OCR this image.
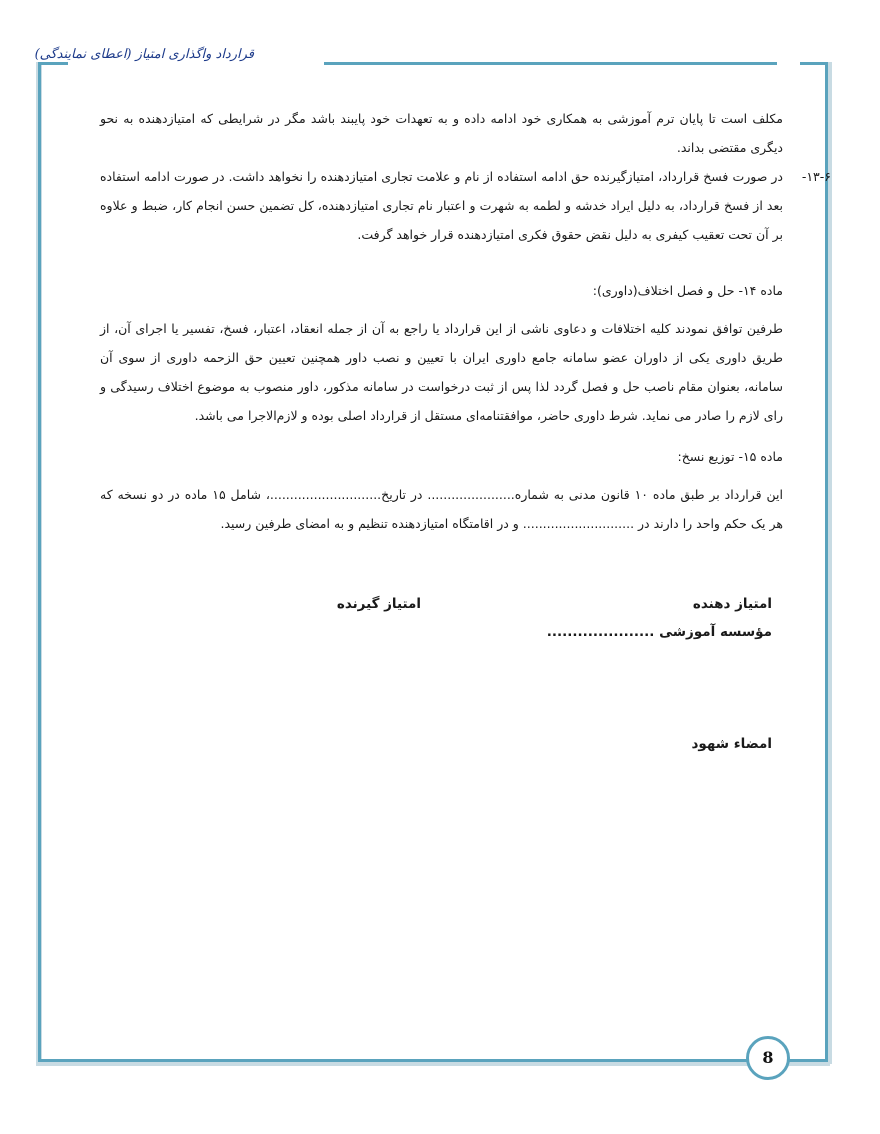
قرارداد واگذاری امتیاز (اعطای نمایندگی)

مکلف است تا پایان ترم آموزشی به همکاری خود ادامه داده و به تعهدات خود پایبند باشد مگر در شرایطی که امتیازدهنده به نحو دیگری مقتضی بداند.

۱۳-۶-

در صورت فسخ قرارداد، امتیازگیرنده حق ادامه استفاده از نام و علامت تجاری امتیازدهنده را نخواهد داشت. در صورت ادامه استفاده بعد از فسخ قرارداد، به دلیل ایراد خدشه و لطمه به شهرت و اعتبار نام تجاری امتیازدهنده، کل تضمین حسن انجام کار، ضبط و علاوه بر آن تحت تعقیب کیفری به دلیل نقض حقوق فکری امتیازدهنده قرار خواهد گرفت.

ماده ۱۴- حل و فصل اختلاف(داوری):

طرفین توافق نمودند کلیه اختلافات و دعاوی ناشی از این قرارداد یا راجع به آن از جمله انعقاد، اعتبار، فسخ، تفسیر یا اجرای آن، از طریق داوری یکی از داوران عضو سامانه جامع داوری ایران با تعیین و نصب داور همچنین تعیین حق الزحمه داوری از سوی آن سامانه، بعنوان مقام ناصب حل و فصل گردد لذا پس از ثبت درخواست در سامانه مذکور، داور منصوب به موضوع اختلاف رسیدگی و رای لازم را صادر می نماید. شرط داوری حاضر، موافقتنامه‌ای مستقل از قرارداد اصلی بوده و لازم‌الاجرا می باشد.

ماده ۱۵- توزیع نسخ:

این قرارداد بر طبق ماده ۱۰ قانون مدنی به شماره...................... در تاریخ............................، شامل ۱۵ ماده در دو نسخه که هر یک حکم واحد را دارند در ............................ و در اقامتگاه امتیازدهنده تنظیم و به امضای طرفین رسید.

امتیاز دهنده
امتیاز گیرنده
مؤسسه آموزشی .....................
امضاء شهود
8
